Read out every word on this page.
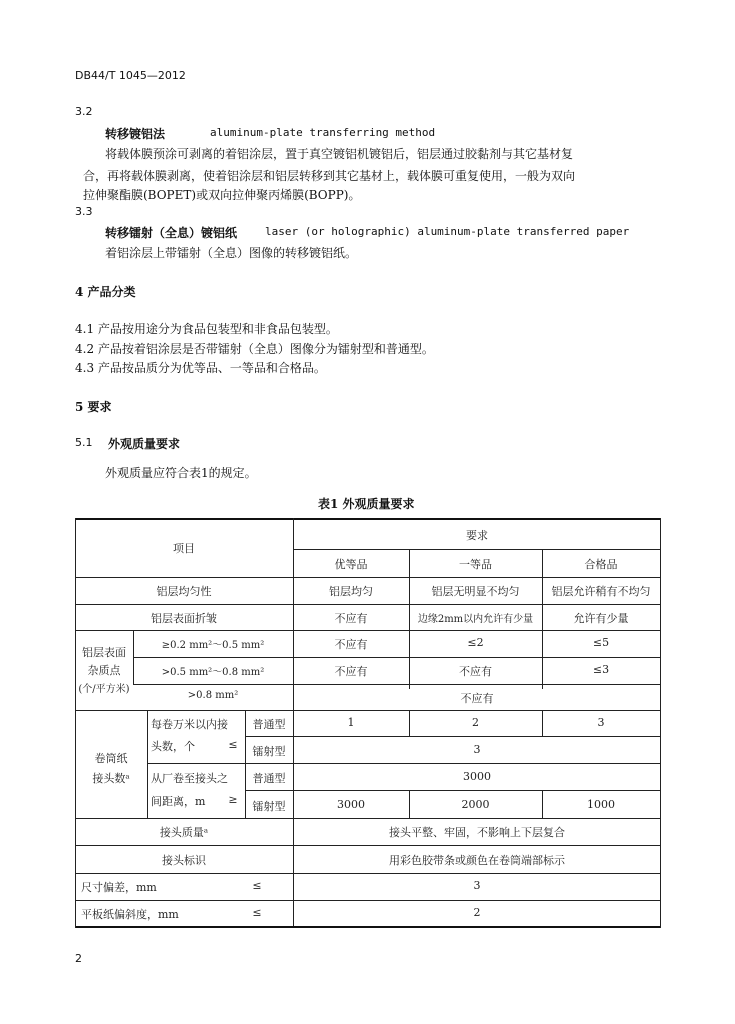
DB44/T 1045—2012
3.2
转移镀铝法	aluminum-plate transferring method
将载体膜预涂可剥离的着铝涂层，置于真空镀铝机镀铝后，铝层通过胶黏剂与其它基材复
合，再将载体膜剥离，使着铝涂层和铝层转移到其它基材上，载体膜可重复使用，一般为双向
拉伸聚酯膜(BOPET)或双向拉伸聚丙烯膜(BOPP)。
3.3
转移镭射（全息）镀铝纸	laser (or holographic) aluminum-plate transferred paper
着铝涂层上带镭射（全息）图像的转移镀铝纸。
4 产品分类
4.1 产品按用途分为食品包装型和非食品包装型。
4.2 产品按着铝涂层是否带镭射（全息）图像分为镭射型和普通型。
4.3 产品按品质分为优等品、一等品和合格品。
5 要求
5.1 外观质量要求
外观质量应符合表1的规定。
表1 外观质量要求
项目
要求
优等品	一等品	合格品
铝层均匀性	铝层均匀	铝层无明显不均匀	铝层允许稍有不均匀
铝层表面折皱	不应有	边缘2mm以内允许有少量	允许有少量
铝层表面
杂质点
(个/平方米)
≥0.2 mm²～0.5 mm²	不应有	≤2	≤5
>0.5 mm²～0.8 mm²	不应有	不应有	≤3
>0.8 mm²	不应有
卷筒纸
接头数ᵃ
每卷万米以内接
头数，个	≤
普通型	1	2	3
镭射型	3
从厂卷至接头之
间距离，m	≥
普通型	3000
镭射型	3000	2000	1000
接头质量ᵃ	接头平整、牢固，不影响上下层复合
接头标识	用彩色胶带条或颜色在卷筒端部标示
尺寸偏差，mm	≤	3
平板纸偏斜度，mm	≤	2
2
